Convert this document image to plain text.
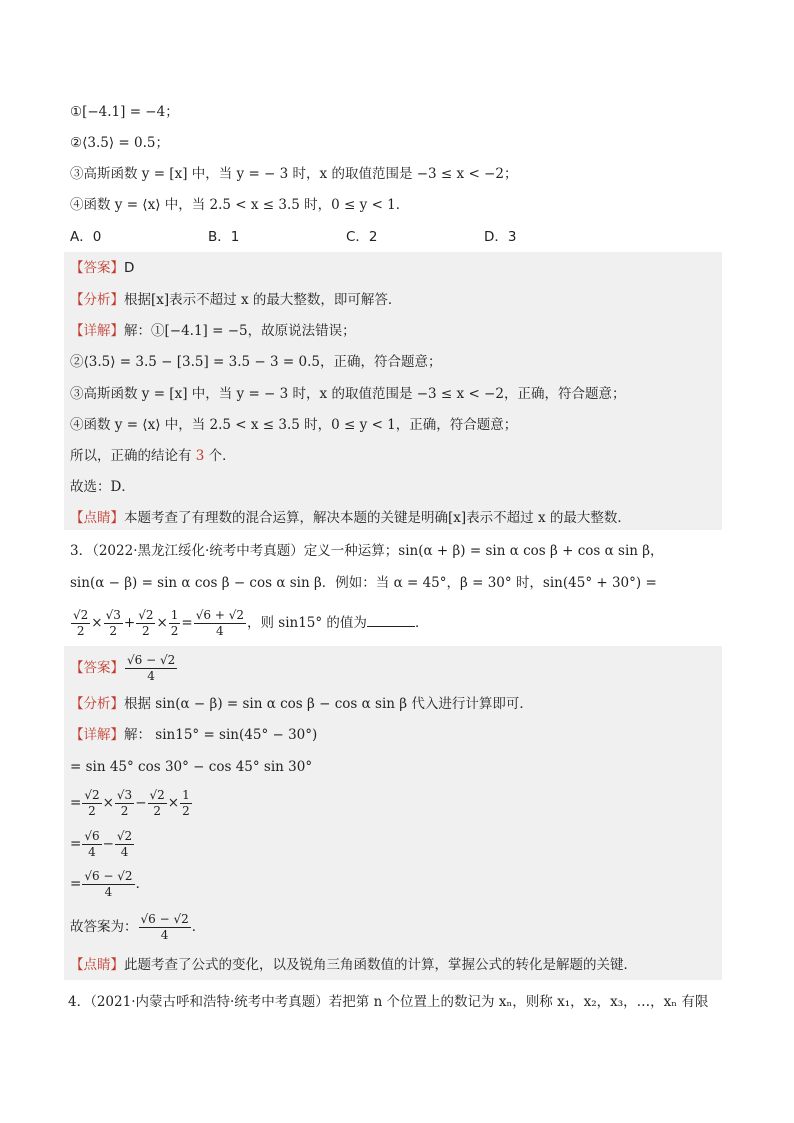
①[−4.1] = −4；
②⟨3.5⟩ = 0.5；
③高斯函数 y = [x] 中，当 y = − 3 时，x 的取值范围是 −3 ≤ x < −2；
④函数 y = ⟨x⟩ 中，当 2.5 < x ≤ 3.5 时，0 ≤ y < 1．
A．0	B．1	C．2	D．3
【答案】D
【分析】根据[x]表示不超过 x 的最大整数，即可解答．
【详解】解：①[−4.1] = −5，故原说法错误；
②⟨3.5⟩ = 3.5 − [3.5] = 3.5 − 3 = 0.5，正确，符合题意；
③高斯函数 y = [x] 中，当 y = − 3 时，x 的取值范围是 −3 ≤ x < −2，正确，符合题意；
④函数 y = ⟨x⟩ 中，当 2.5 < x ≤ 3.5 时，0 ≤ y < 1，正确，符合题意；
所以，正确的结论有 3 个．
故选：D．
【点睛】本题考查了有理数的混合运算，解决本题的关键是明确[x]表示不超过 x 的最大整数．
3．（2022·黑龙江绥化·统考中考真题）定义一种运算；sin(α + β) = sin α cos β + cos α sin β，
sin(α − β) = sin α cos β − cos α sin β．例如：当 α = 45°，β = 30° 时，sin(45° + 30°) =
$\frac{√2}{2} \times \frac{√3}{2} + \frac{√2}{2} \times \frac{1}{2} = \frac{√6 + √2}{4}$ ，则 sin15° 的值为	．
【答案】 $\frac{√6 - √2}{4}$
【分析】根据 sin(α − β) = sin α cos β − cos α sin β 代入进行计算即可．
【详解】解： sin15° = sin(45° − 30°)
= sin 45° cos 30° − cos 45° sin 30°
= $\frac{√2}{2} \times \frac{√3}{2} - \frac{√2}{2} \times \frac{1}{2}$
= $\frac{√6}{4} - \frac{√2}{4}$
= $\frac{√6 - √2}{4}$ ．
故答案为： $\frac{√6 - √2}{4}$ ．
【点睛】此题考查了公式的变化，以及锐角三角函数值的计算，掌握公式的转化是解题的关键．
4．（2021·内蒙古呼和浩特·统考中考真题）若把第 n 个位置上的数记为 xₙ，则称 x₁，x₂，x₃，…，xₙ 有限
